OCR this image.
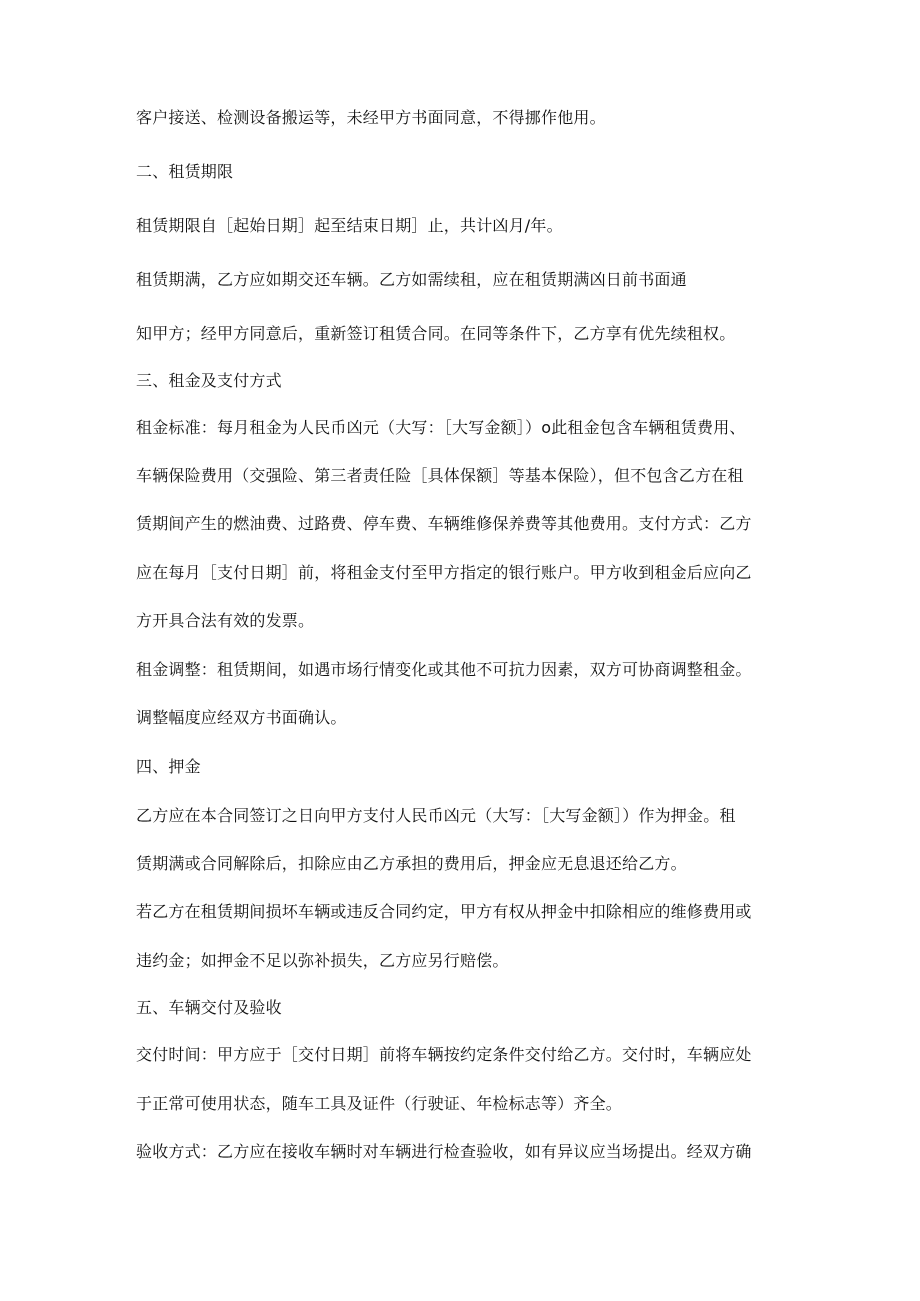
客户接送、检测设备搬运等，未经甲方书面同意，不得挪作他用。
二、租赁期限
租赁期限自［起始日期］起至结束日期］止，共计凶月/年。
租赁期满，乙方应如期交还车辆。乙方如需续租，应在租赁期满凶日前书面通
知甲方；经甲方同意后，重新签订租赁合同。在同等条件下，乙方享有优先续租权。
三、租金及支付方式
租金标准：每月租金为人民币凶元（大写：［大写金额］）o此租金包含车辆租赁费用、
车辆保险费用（交强险、第三者责任险［具体保额］等基本保险），但不包含乙方在租
赁期间产生的燃油费、过路费、停车费、车辆维修保养费等其他费用。支付方式：乙方
应在每月［支付日期］前，将租金支付至甲方指定的银行账户。甲方收到租金后应向乙
方开具合法有效的发票。
租金调整：租赁期间，如遇市场行情变化或其他不可抗力因素，双方可协商调整租金。
调整幅度应经双方书面确认。
四、押金
乙方应在本合同签订之日向甲方支付人民币凶元（大写：［大写金额］）作为押金。租
赁期满或合同解除后，扣除应由乙方承担的费用后，押金应无息退还给乙方。
若乙方在租赁期间损坏车辆或违反合同约定，甲方有权从押金中扣除相应的维修费用或
违约金；如押金不足以弥补损失，乙方应另行赔偿。
五、车辆交付及验收
交付时间：甲方应于［交付日期］前将车辆按约定条件交付给乙方。交付时，车辆应处
于正常可使用状态，随车工具及证件（行驶证、年检标志等）齐全。
验收方式：乙方应在接收车辆时对车辆进行检查验收，如有异议应当场提出。经双方确
